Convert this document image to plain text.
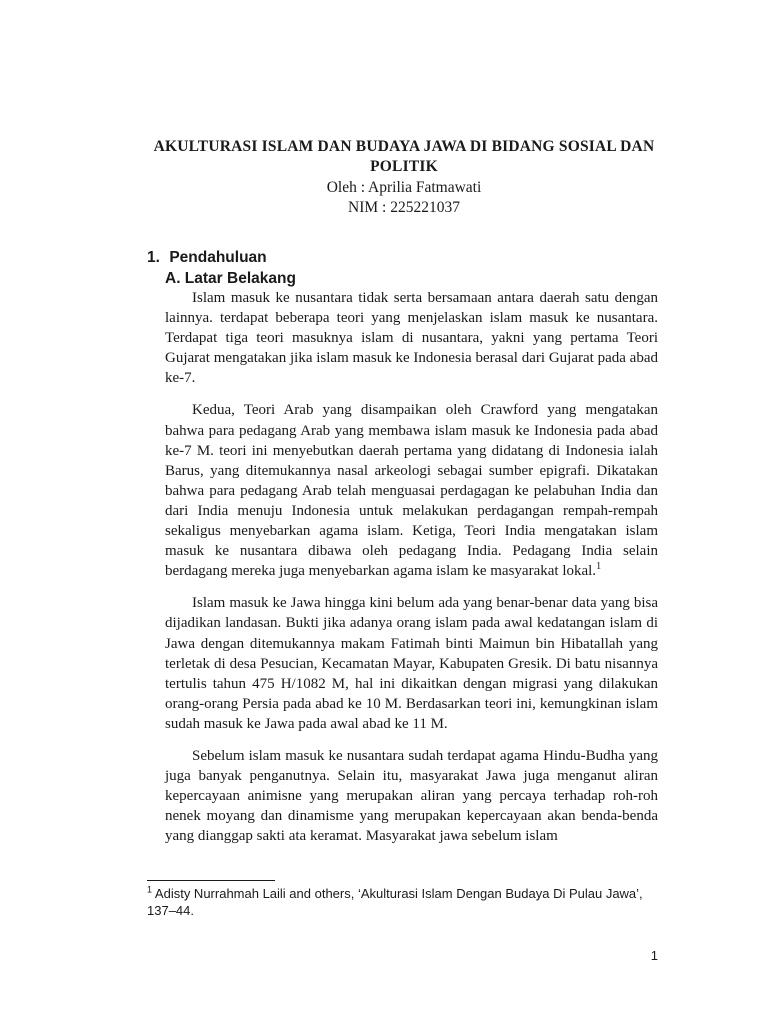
AKULTURASI ISLAM DAN BUDAYA JAWA DI BIDANG SOSIAL DAN POLITIK
Oleh : Aprilia Fatmawati
NIM : 225221037
1. Pendahuluan
A. Latar Belakang

Islam masuk ke nusantara tidak serta bersamaan antara daerah satu dengan lainnya. terdapat beberapa teori yang menjelaskan islam masuk ke nusantara. Terdapat tiga teori masuknya islam di nusantara, yakni yang pertama Teori Gujarat mengatakan jika islam masuk ke Indonesia berasal dari Gujarat pada abad ke-7.

Kedua, Teori Arab yang disampaikan oleh Crawford yang mengatakan bahwa para pedagang Arab yang membawa islam masuk ke Indonesia pada abad ke-7 M. teori ini menyebutkan daerah pertama yang didatang di Indonesia ialah Barus, yang ditemukannya nasal arkeologi sebagai sumber epigrafi. Dikatakan bahwa para pedagang Arab telah menguasai perdagagan ke pelabuhan India dan dari India menuju Indonesia untuk melakukan perdagangan rempah-rempah sekaligus menyebarkan agama islam. Ketiga, Teori India mengatakan islam masuk ke nusantara dibawa oleh pedagang India. Pedagang India selain berdagang mereka juga menyebarkan agama islam ke masyarakat lokal.$^1$

Islam masuk ke Jawa hingga kini belum ada yang benar-benar data yang bisa dijadikan landasan. Bukti jika adanya orang islam pada awal kedatangan islam di Jawa dengan ditemukannya makam Fatimah binti Maimun bin Hibatallah yang terletak di desa Pesucian, Kecamatan Mayar, Kabupaten Gresik. Di batu nisannya tertulis tahun 475 H/1082 M, hal ini dikaitkan dengan migrasi yang dilakukan orang-orang Persia pada abad ke 10 M. Berdasarkan teori ini, kemungkinan islam sudah masuk ke Jawa pada awal abad ke 11 M.

Sebelum islam masuk ke nusantara sudah terdapat agama Hindu-Budha yang juga banyak penganutnya. Selain itu, masyarakat Jawa juga menganut aliran kepercayaan animisne yang merupakan aliran yang percaya terhadap roh-roh nenek moyang dan dinamisme yang merupakan kepercayaan akan benda-benda yang dianggap sakti ata keramat. Masyarakat jawa sebelum islam

$^1$ Adisty Nurrahmah Laili and others, ‘Akulturasi Islam Dengan Budaya Di Pulau Jawa’, 137–44.
1
